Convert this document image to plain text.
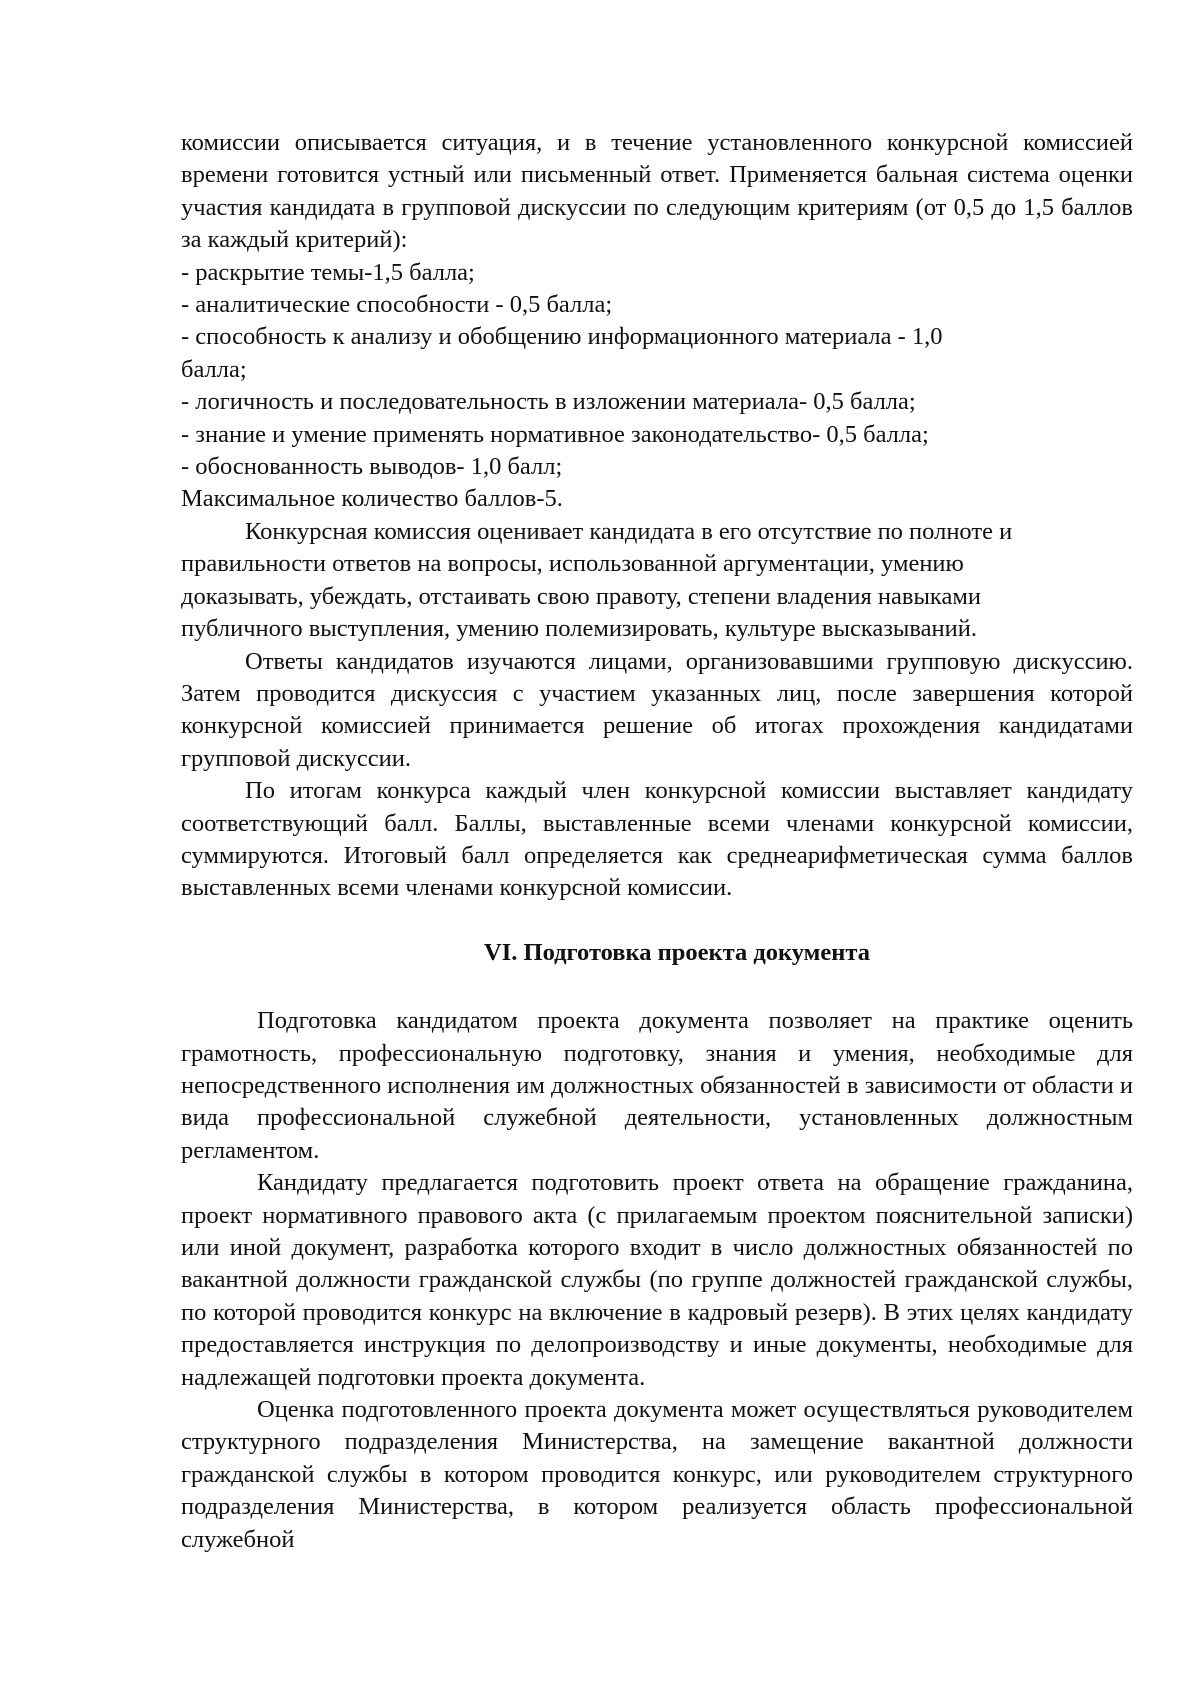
комиссии описывается ситуация, и в течение установленного конкурсной комиссией времени готовится устный или письменный ответ. Применяется бальная система оценки участия кандидата в групповой дискуссии по следующим критериям (от 0,5 до 1,5 баллов за каждый критерий):

- раскрытие темы-1,5 балла;

- аналитические способности - 0,5 балла;

- способность к анализу и обобщению информационного материала - 1,0 балла;

- логичность и последовательность в изложении материала- 0,5 балла;

- знание и умение применять нормативное законодательство- 0,5 балла;

- обоснованность выводов- 1,0 балл;

Максимальное количество баллов-5.

Конкурсная комиссия оценивает кандидата в его отсутствие по полноте и правильности ответов на вопросы, использованной аргументации, умению доказывать, убеждать, отстаивать свою правоту, степени владения навыками публичного выступления, умению полемизировать, культуре высказываний.

Ответы кандидатов изучаются лицами, организовавшими групповую дискуссию. Затем проводится дискуссия с участием указанных лиц, после завершения которой конкурсной комиссией принимается решение об итогах прохождения кандидатами групповой дискуссии.

По итогам конкурса каждый член конкурсной комиссии выставляет кандидату соответствующий балл. Баллы, выставленные всеми членами конкурсной комиссии, суммируются. Итоговый балл определяется как среднеарифметическая сумма баллов выставленных всеми членами конкурсной комиссии.

VI. Подготовка проекта документа

Подготовка кандидатом проекта документа позволяет на практике оценить грамотность, профессиональную подготовку, знания и умения, необходимые для непосредственного исполнения им должностных обязанностей в зависимости от области и вида профессиональной служебной деятельности, установленных должностным регламентом.

Кандидату предлагается подготовить проект ответа на обращение гражданина, проект нормативного правового акта (с прилагаемым проектом пояснительной записки) или иной документ, разработка которого входит в число должностных обязанностей по вакантной должности гражданской службы (по группе должностей гражданской службы, по которой проводится конкурс на включение в кадровый резерв). В этих целях кандидату предоставляется инструкция по делопроизводству и иные документы, необходимые для надлежащей подготовки проекта документа.

Оценка подготовленного проекта документа может осуществляться руководителем структурного подразделения Министерства, на замещение вакантной должности гражданской службы в котором проводится конкурс, или руководителем структурного подразделения Министерства, в котором реализуется область профессиональной служебной
